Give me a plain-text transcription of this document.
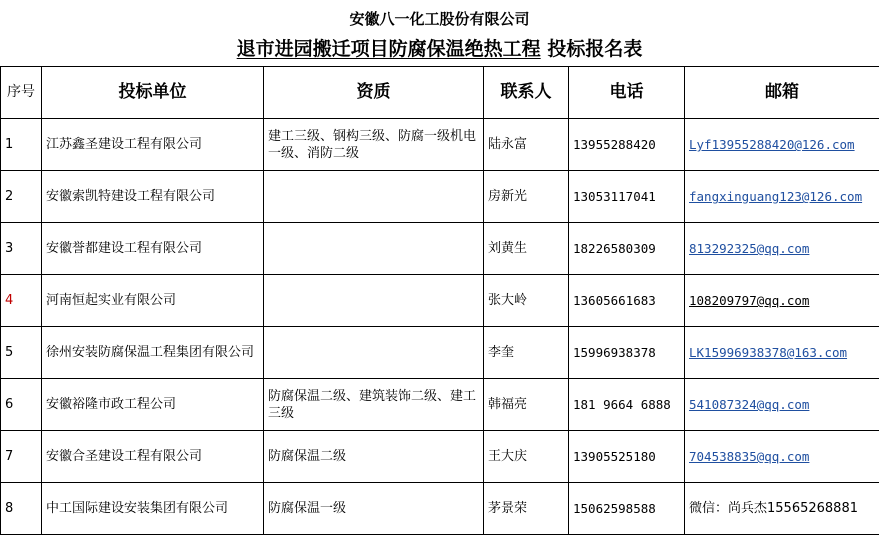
安徽八一化工股份有限公司
退市进园搬迁项目防腐保温绝热工程 投标报名表
序号	投标单位	资质	联系人	电话	邮箱
1	江苏鑫圣建设工程有限公司	建工三级、钢构三级、防腐一级机电一级、消防二级	陆永富	13955288420	Lyf13955288420@126.com
2	安徽索凯特建设工程有限公司		房新光	13053117041	fangxinguang123@126.com
3	安徽誉都建设工程有限公司		刘黄生	18226580309	813292325@qq.com
4	河南恒起实业有限公司		张大岭	13605661683	108209797@qq.com
5	徐州安装防腐保温工程集团有限公司		李奎	15996938378	LK15996938378@163.com
6	安徽裕隆市政工程公司	防腐保温二级、建筑装饰二级、建工三级	韩福亮	181 9664 6888	541087324@qq.com
7	安徽合圣建设工程有限公司	防腐保温二级	王大庆	13905525180	704538835@qq.com
8	中工国际建设安装集团有限公司	防腐保温一级	茅景荣	15062598588	微信：尚兵杰15565268881
